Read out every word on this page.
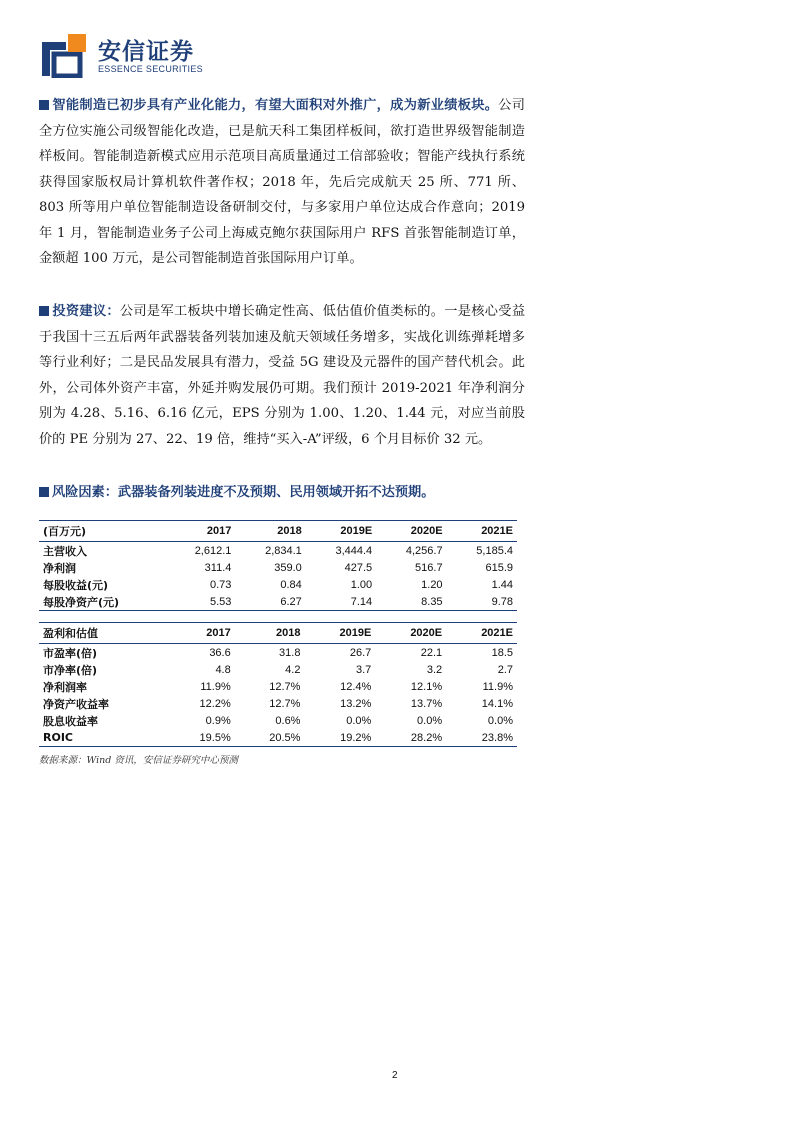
安信证券
ESSENCE SECURITIES
智能制造已初步具有产业化能力，有望大面积对外推广，成为新业绩板块。公司全方位实施公司级智能化改造，已是航天科工集团样板间，欲打造世界级智能制造样板间。智能制造新模式应用示范项目高质量通过工信部验收；智能产线执行系统获得国家版权局计算机软件著作权；2018 年，先后完成航天 25 所、771 所、803 所等用户单位智能制造设备研制交付，与多家用户单位达成合作意向；2019 年 1 月，智能制造业务子公司上海威克鲍尔获国际用户 RFS 首张智能制造订单，金额超 100 万元，是公司智能制造首张国际用户订单。
投资建议：公司是军工板块中增长确定性高、低估值价值类标的。一是核心受益于我国十三五后两年武器装备列装加速及航天领域任务增多，实战化训练弹耗增多等行业利好；二是民品发展具有潜力，受益 5G 建设及元器件的国产替代机会。此外，公司体外资产丰富，外延并购发展仍可期。我们预计 2019-2021 年净利润分别为 4.28、5.16、6.16 亿元，EPS 分别为 1.00、1.20、1.44 元，对应当前股价的 PE 分别为 27、22、19 倍，维持“买入-A”评级，6 个月目标价 32 元。
风险因素：武器装备列装进度不及预期、民用领域开拓不达预期。
(百万元)	2017	2018	2019E	2020E	2021E
主营收入	2,612.1	2,834.1	3,444.4	4,256.7	5,185.4
净利润	311.4	359.0	427.5	516.7	615.9
每股收益(元)	0.73	0.84	1.00	1.20	1.44
每股净资产(元)	5.53	6.27	7.14	8.35	9.78
盈利和估值	2017	2018	2019E	2020E	2021E
市盈率(倍)	36.6	31.8	26.7	22.1	18.5
市净率(倍)	4.8	4.2	3.7	3.2	2.7
净利润率	11.9%	12.7%	12.4%	12.1%	11.9%
净资产收益率	12.2%	12.7%	13.2%	13.7%	14.1%
股息收益率	0.9%	0.6%	0.0%	0.0%	0.0%
ROIC	19.5%	20.5%	19.2%	28.2%	23.8%
数据来源：Wind 资讯，安信证券研究中心预测
2
